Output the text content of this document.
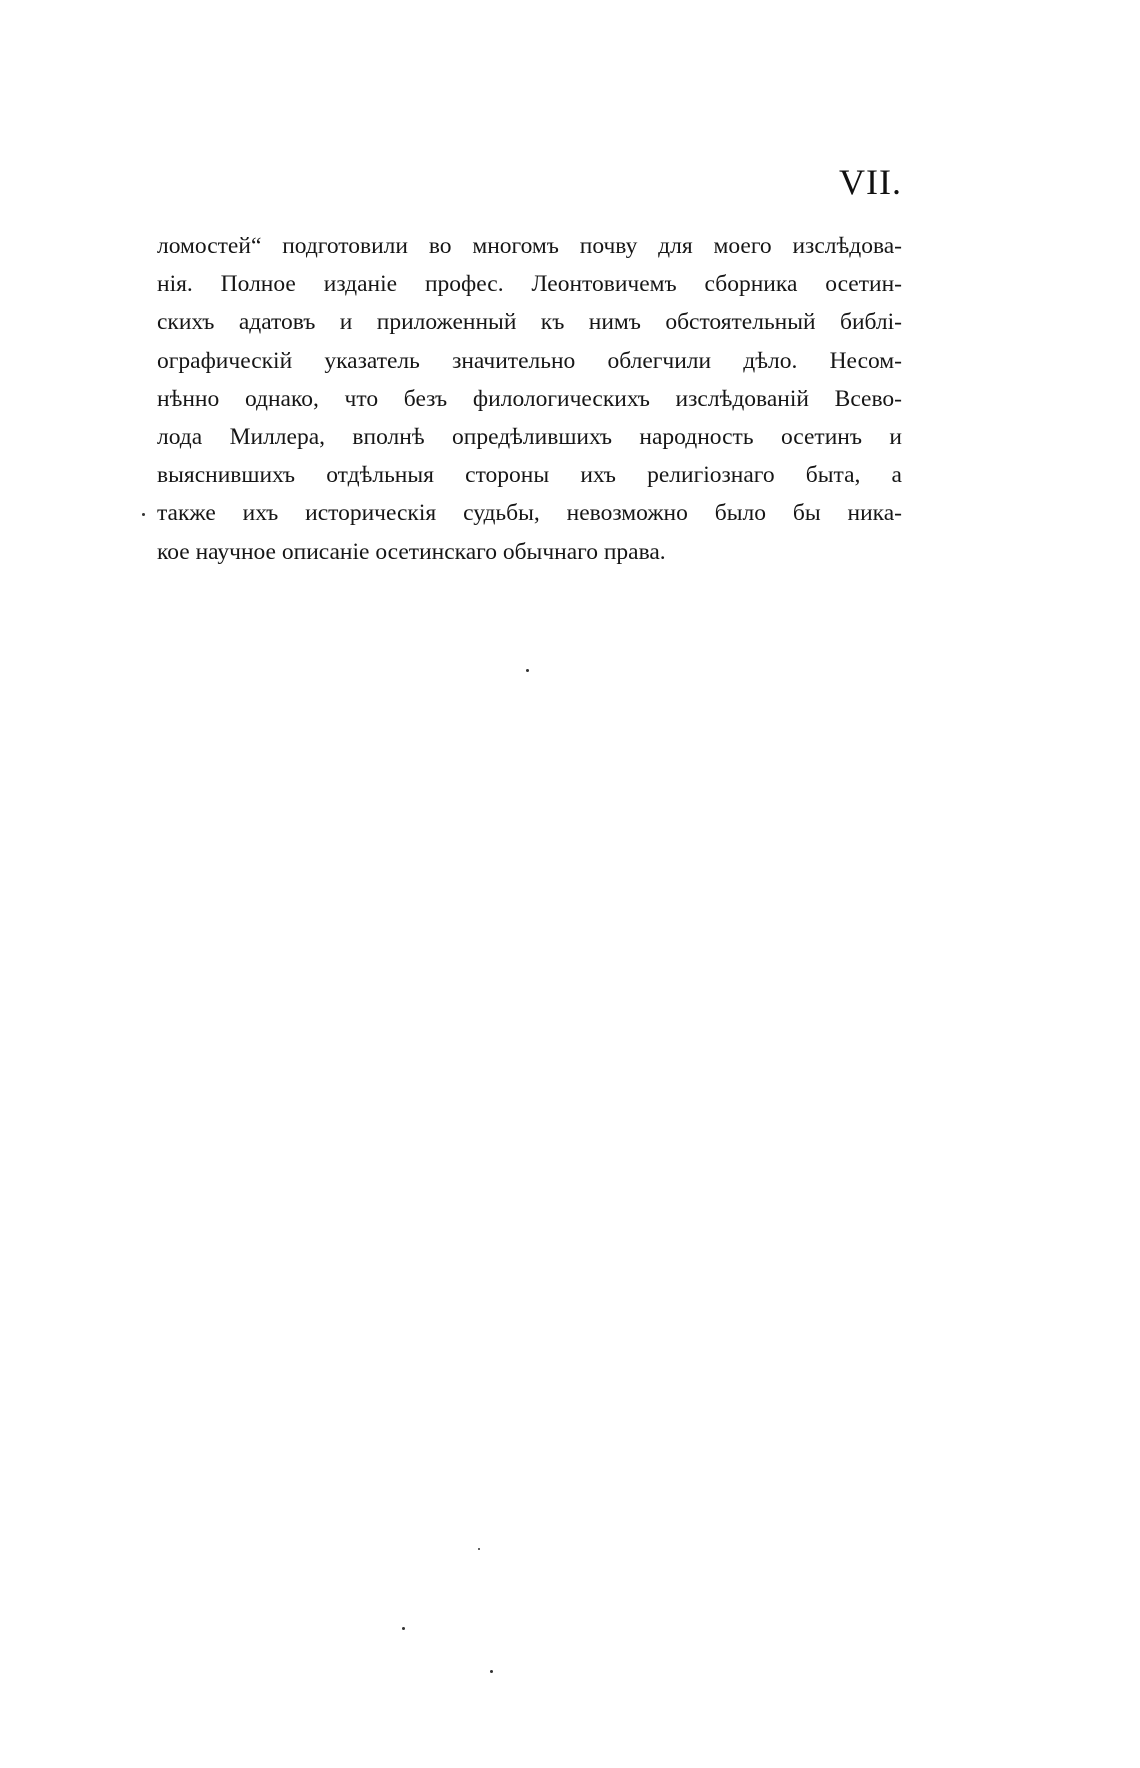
VII.
ломостей“ подготовили во многомъ почву для моего изслѣдова-
нія. Полное изданіе профес. Леонтовичемъ сборника осетин-
скихъ адатовъ и приложенный къ нимъ обстоятельный библі-
ографическій указатель значительно облегчили дѣло. Несом-
нѣнно однако, что безъ филологическихъ изслѣдованій Всево-
лода Миллера, вполнѣ опредѣлившихъ народность осетинъ и
выяснившихъ отдѣльныя стороны ихъ религіознаго быта, а
также ихъ историческія судьбы, невозможно было бы ника-
кое научное описаніе осетинскаго обычнаго права.
